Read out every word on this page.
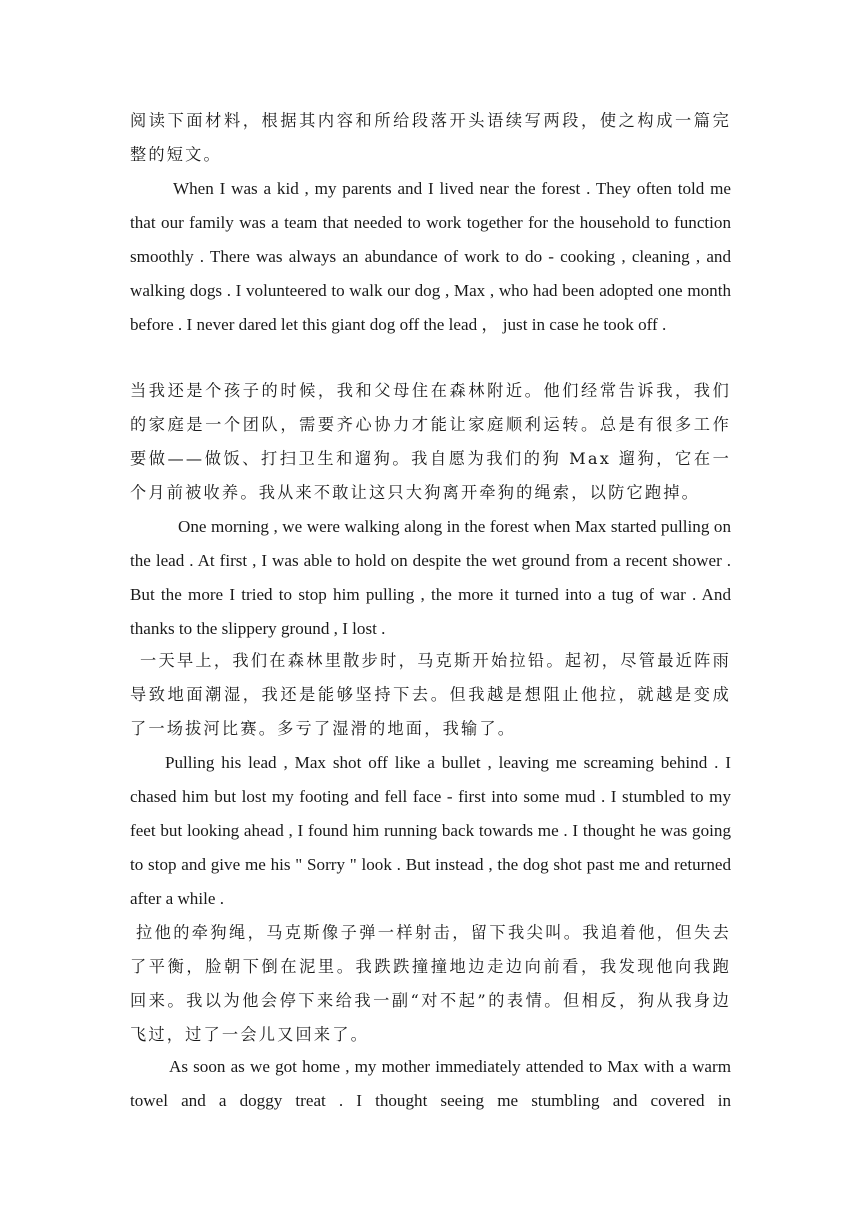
阅读下面材料，根据其内容和所给段落开头语续写两段，使之构成一篇完整的短文。

When I was a kid , my parents and I lived near the forest . They often told me that our family was a team that needed to work together for the household to function smoothly . There was always an abundance of work to do - cooking , cleaning , and walking dogs . I volunteered to walk our dog , Max , who had been adopted one month before . I never dared let this giant dog off the lead ， just in case he took off .

当我还是个孩子的时候，我和父母住在森林附近。他们经常告诉我，我们的家庭是一个团队，需要齐心协力才能让家庭顺利运转。总是有很多工作要做——做饭、打扫卫生和遛狗。我自愿为我们的狗 Max 遛狗，它在一个月前被收养。我从来不敢让这只大狗离开牵狗的绳索，以防它跑掉。

One morning , we were walking along in the forest when Max started pulling on the lead . At first , I was able to hold on despite the wet ground from a recent shower . But the more I tried to stop him pulling , the more it turned into a tug of war . And thanks to the slippery ground , I lost .

一天早上，我们在森林里散步时，马克斯开始拉铅。起初，尽管最近阵雨导致地面潮湿，我还是能够坚持下去。但我越是想阻止他拉，就越是变成了一场拔河比赛。多亏了湿滑的地面，我输了。

Pulling his lead , Max shot off like a bullet , leaving me screaming behind . I chased him but lost my footing and fell face - first into some mud . I stumbled to my feet but looking ahead , I found him running back towards me . I thought he was going to stop and give me his " Sorry " look . But instead , the dog shot past me and returned after a while .

拉他的牵狗绳，马克斯像子弹一样射击，留下我尖叫。我追着他，但失去了平衡，脸朝下倒在泥里。我跌跌撞撞地边走边向前看，我发现他向我跑回来。我以为他会停下来给我一副“对不起”的表情。但相反，狗从我身边飞过，过了一会儿又回来了。

As soon as we got home , my mother immediately attended to Max with a warm towel and a doggy treat . I thought seeing me stumbling and covered in
